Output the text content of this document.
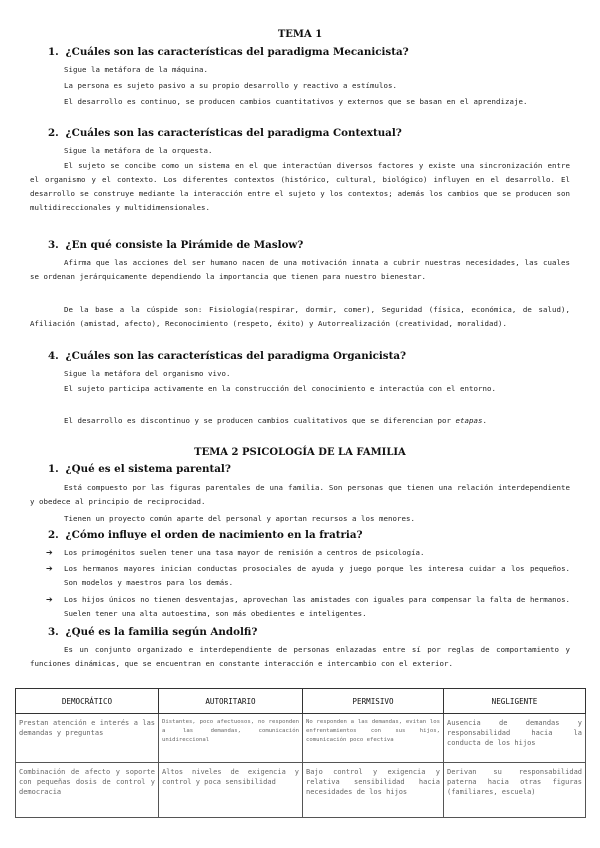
TEMA 1
1. ¿Cuáles son las características del paradigma Mecanicista?
Sigue la metáfora de la máquina.
La persona es sujeto pasivo a su propio desarrollo y reactivo a estímulos.
El desarrollo es continuo, se producen cambios cuantitativos y externos que se basan en el aprendizaje.
2. ¿Cuáles son las características del paradigma Contextual?
Sigue la metáfora de la orquesta.
El sujeto se concibe como un sistema en el que interactúan diversos factores y existe una sincronización entre el organismo y el contexto. Los diferentes contextos (histórico, cultural, biológico) influyen en el desarrollo. El desarrollo se construye mediante la interacción entre el sujeto y los contextos; además los cambios que se producen son multidireccionales y multidimensionales.
3. ¿En qué consiste la Pirámide de Maslow?
Afirma que las acciones del ser humano nacen de una motivación innata a cubrir nuestras necesidades, las cuales se ordenan jerárquicamente dependiendo la importancia que tienen para nuestro bienestar.
De la base a la cúspide son: Fisiología(respirar, dormir, comer), Seguridad (física, económica, de salud), Afiliación (amistad, afecto), Reconocimiento (respeto, éxito) y Autorrealización (creatividad, moralidad).
4. ¿Cuáles son las características del paradigma Organicista?
Sigue la metáfora del organismo vivo.
El sujeto participa activamente en la construcción del conocimiento e interactúa con el entorno.
El desarrollo es discontinuo y se producen cambios cualitativos que se diferencian por etapas.
TEMA 2 PSICOLOGÍA DE LA FAMILIA
1. ¿Qué es el sistema parental?
Está compuesto por las figuras parentales de una familia. Son personas que tienen una relación interdependiente y obedece al principio de reciprocidad.
Tienen un proyecto común aparte del personal y aportan recursos a los menores.
2. ¿Cómo influye el orden de nacimiento en la fratria?
➔	Los primogénitos suelen tener una tasa mayor de remisión a centros de psicología.
➔	Los hermanos mayores inician conductas prosociales de ayuda y juego porque les interesa cuidar a los pequeños. Son modelos y maestros para los demás.
➔	Los hijos únicos no tienen desventajas, aprovechan las amistades con iguales para compensar la falta de hermanos. Suelen tener una alta autoestima, son más obedientes e inteligentes.
3. ¿Qué es la familia según Andolfi?
Es un conjunto organizado e interdependiente de personas enlazadas entre sí por reglas de comportamiento y funciones dinámicas, que se encuentran en constante interacción e intercambio con el exterior.
DEMOCRÁTICO	AUTORITARIO	PERMISIVO	NEGLIGENTE
Prestan atención e interés a las demandas y preguntas	Distantes, poco afectuosos, no responden a las demandas, comunicación unidireccional	No responden a las demandas, evitan los enfrentamientos con sus hijos, comunicación poco efectiva	Ausencia de demandas y responsabilidad hacia la conducta de los hijos
Combinación de afecto y soporte con pequeñas dosis de control y democracia	Altos niveles de exigencia y control y poca sensibilidad	Bajo control y exigencia y relativa sensibilidad hacia necesidades de los hijos	Derivan su responsabilidad paterna hacia otras figuras (familiares, escuela)
